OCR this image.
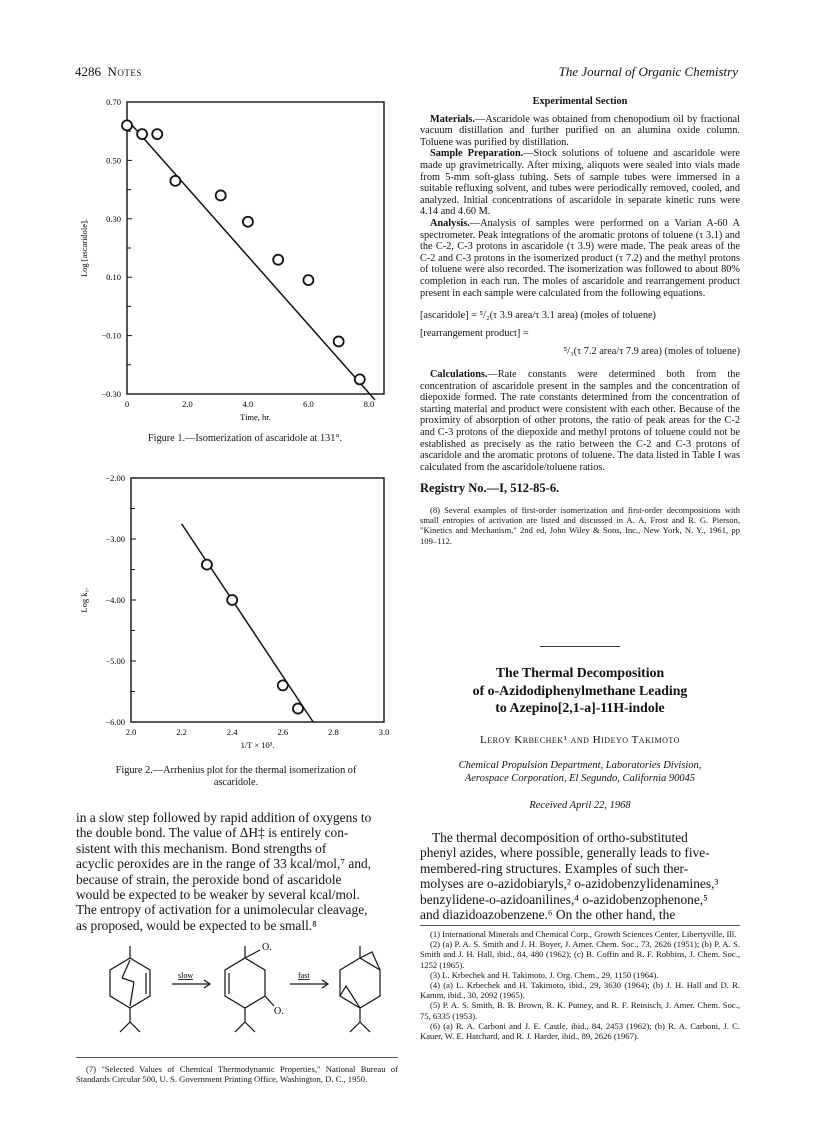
4286 Notes	The Journal of Organic Chemistry
0.70
0.50
0.30
0.10
−0.10
−0.30
0	2.0	4.0	6.0	8.0
Time, hr.
Log [ascaridole].
Figure 1.—Isomerization of ascaridole at 131°.
−2.00
−3.00
−4.00
−5.00
−6.00
2.0	2.2	2.4	2.6	2.8	3.0
1/T × 10³.
Log k₁.
Figure 2.—Arrhenius plot for the thermal isomerization of
ascaridole.
in a slow step followed by rapid addition of oxygens to
the double bond. The value of ΔH‡ is entirely con-
sistent with this mechanism. Bond strengths of
acyclic peroxides are in the range of 33 kcal/mol,⁷ and,
because of strain, the peroxide bond of ascaridole
would be expected to be weaker by several kcal/mol.
The entropy of activation for a unimolecular cleavage,
as proposed, would be expected to be small.⁸
slow	fast
O.
O.
(7) "Selected Values of Chemical Thermodynamic Properties," National Bureau of Standards Circular 500, U. S. Government Printing Office, Washington, D. C., 1950.
Experimental Section

Materials.—Ascaridole was obtained from chenopodium oil by fractional vacuum distillation and further purified on an alumina oxide column. Toluene was purified by distillation.

Sample Preparation.—Stock solutions of toluene and ascaridole were made up gravimetrically. After mixing, aliquots were sealed into vials made from 5-mm soft-glass tubing. Sets of sample tubes were immersed in a suitable refluxing solvent, and tubes were periodically removed, cooled, and analyzed. Initial concentrations of ascaridole in separate kinetic runs were 4.14 and 4.60 M.

Analysis.—Analysis of samples were performed on a Varian A-60 A spectrometer. Peak integrations of the aromatic protons of toluene (τ 3.1) and the C-2, C-3 protons in ascaridole (τ 3.9) were made. The peak areas of the C-2 and C-3 protons in the isomerized product (τ 7.2) and the methyl protons of toluene were also recorded. The isomerization was followed to about 80% completion in each run. The moles of ascaridole and rearrangement product present in each sample were calculated from the following equations.

[ascaridole] = ⁵/₂(τ 3.9 area/τ 3.1 area) (moles of toluene)
[rearrangement product] =
⁵/₃(τ 7.2 area/τ 7.9 area) (moles of toluene)

Calculations.—Rate constants were determined both from the concentration of ascaridole present in the samples and the concentration of diepoxide formed. The rate constants determined from the concentration of starting material and product were consistent with each other. Because of the proximity of absorption of other protons, the ratio of peak areas for the C-2 and C-3 protons of the diepoxide and methyl protons of toluene could not be established as precisely as the ratio between the C-2 and C-3 protons of ascaridole and the aromatic protons of toluene. The data listed in Table I was calculated from the ascaridole/toluene ratios.

Registry No.—I, 512-85-6.
(8) Several examples of first-order isomerization and first-order decompositions with small entropies of activation are listed and discussed in A. A. Frost and R. G. Pierson, "Kinetics and Mechanism," 2nd ed, John Wiley & Sons, Inc., New York, N. Y., 1961, pp 109–112.
The Thermal Decomposition
of o-Azidodiphenylmethane Leading
to Azepino[2,1-a]-11H-indole
Leroy Krbechek¹ and Hideyo Takimoto
Chemical Propulsion Department, Laboratories Division,
Aerospace Corporation, El Segundo, California 90045
Received April 22, 1968
The thermal decomposition of ortho-substituted
phenyl azides, where possible, generally leads to five-
membered-ring structures. Examples of such ther-
molyses are o-azidobiaryls,² o-azidobenzylidenamines,³
benzylidene-o-azidoanilines,⁴ o-azidobenzophenone,⁵
and diazidoazobenzene.⁶ On the other hand, the
(1) International Minerals and Chemical Corp., Growth Sciences Center, Libertyville, Ill.
(2) (a) P. A. S. Smith and J. H. Boyer, J. Amer. Chem. Soc., 73, 2626 (1951); (b) P. A. S. Smith and J. H. Hall, ibid., 84, 480 (1962); (c) B. Coffin and R. F. Robbins, J. Chem. Soc., 1252 (1965).
(3) L. Krbechek and H. Takimoto, J. Org. Chem., 29, 1150 (1964).
(4) (a) L. Krbechek and H. Takimoto, ibid., 29, 3630 (1964); (b) J. H. Hall and D. R. Kamm, ibid., 30, 2092 (1965).
(5) P. A. S. Smith, B. B. Brown, R. K. Putney, and R. F. Reinisch, J. Amer. Chem. Soc., 75, 6335 (1953).
(6) (a) R. A. Carboni and J. E. Castle, ibid., 84, 2453 (1962); (b) R. A. Carboni, J. C. Kauer, W. E. Hatchard, and R. J. Harder, ibid., 89, 2626 (1967).
